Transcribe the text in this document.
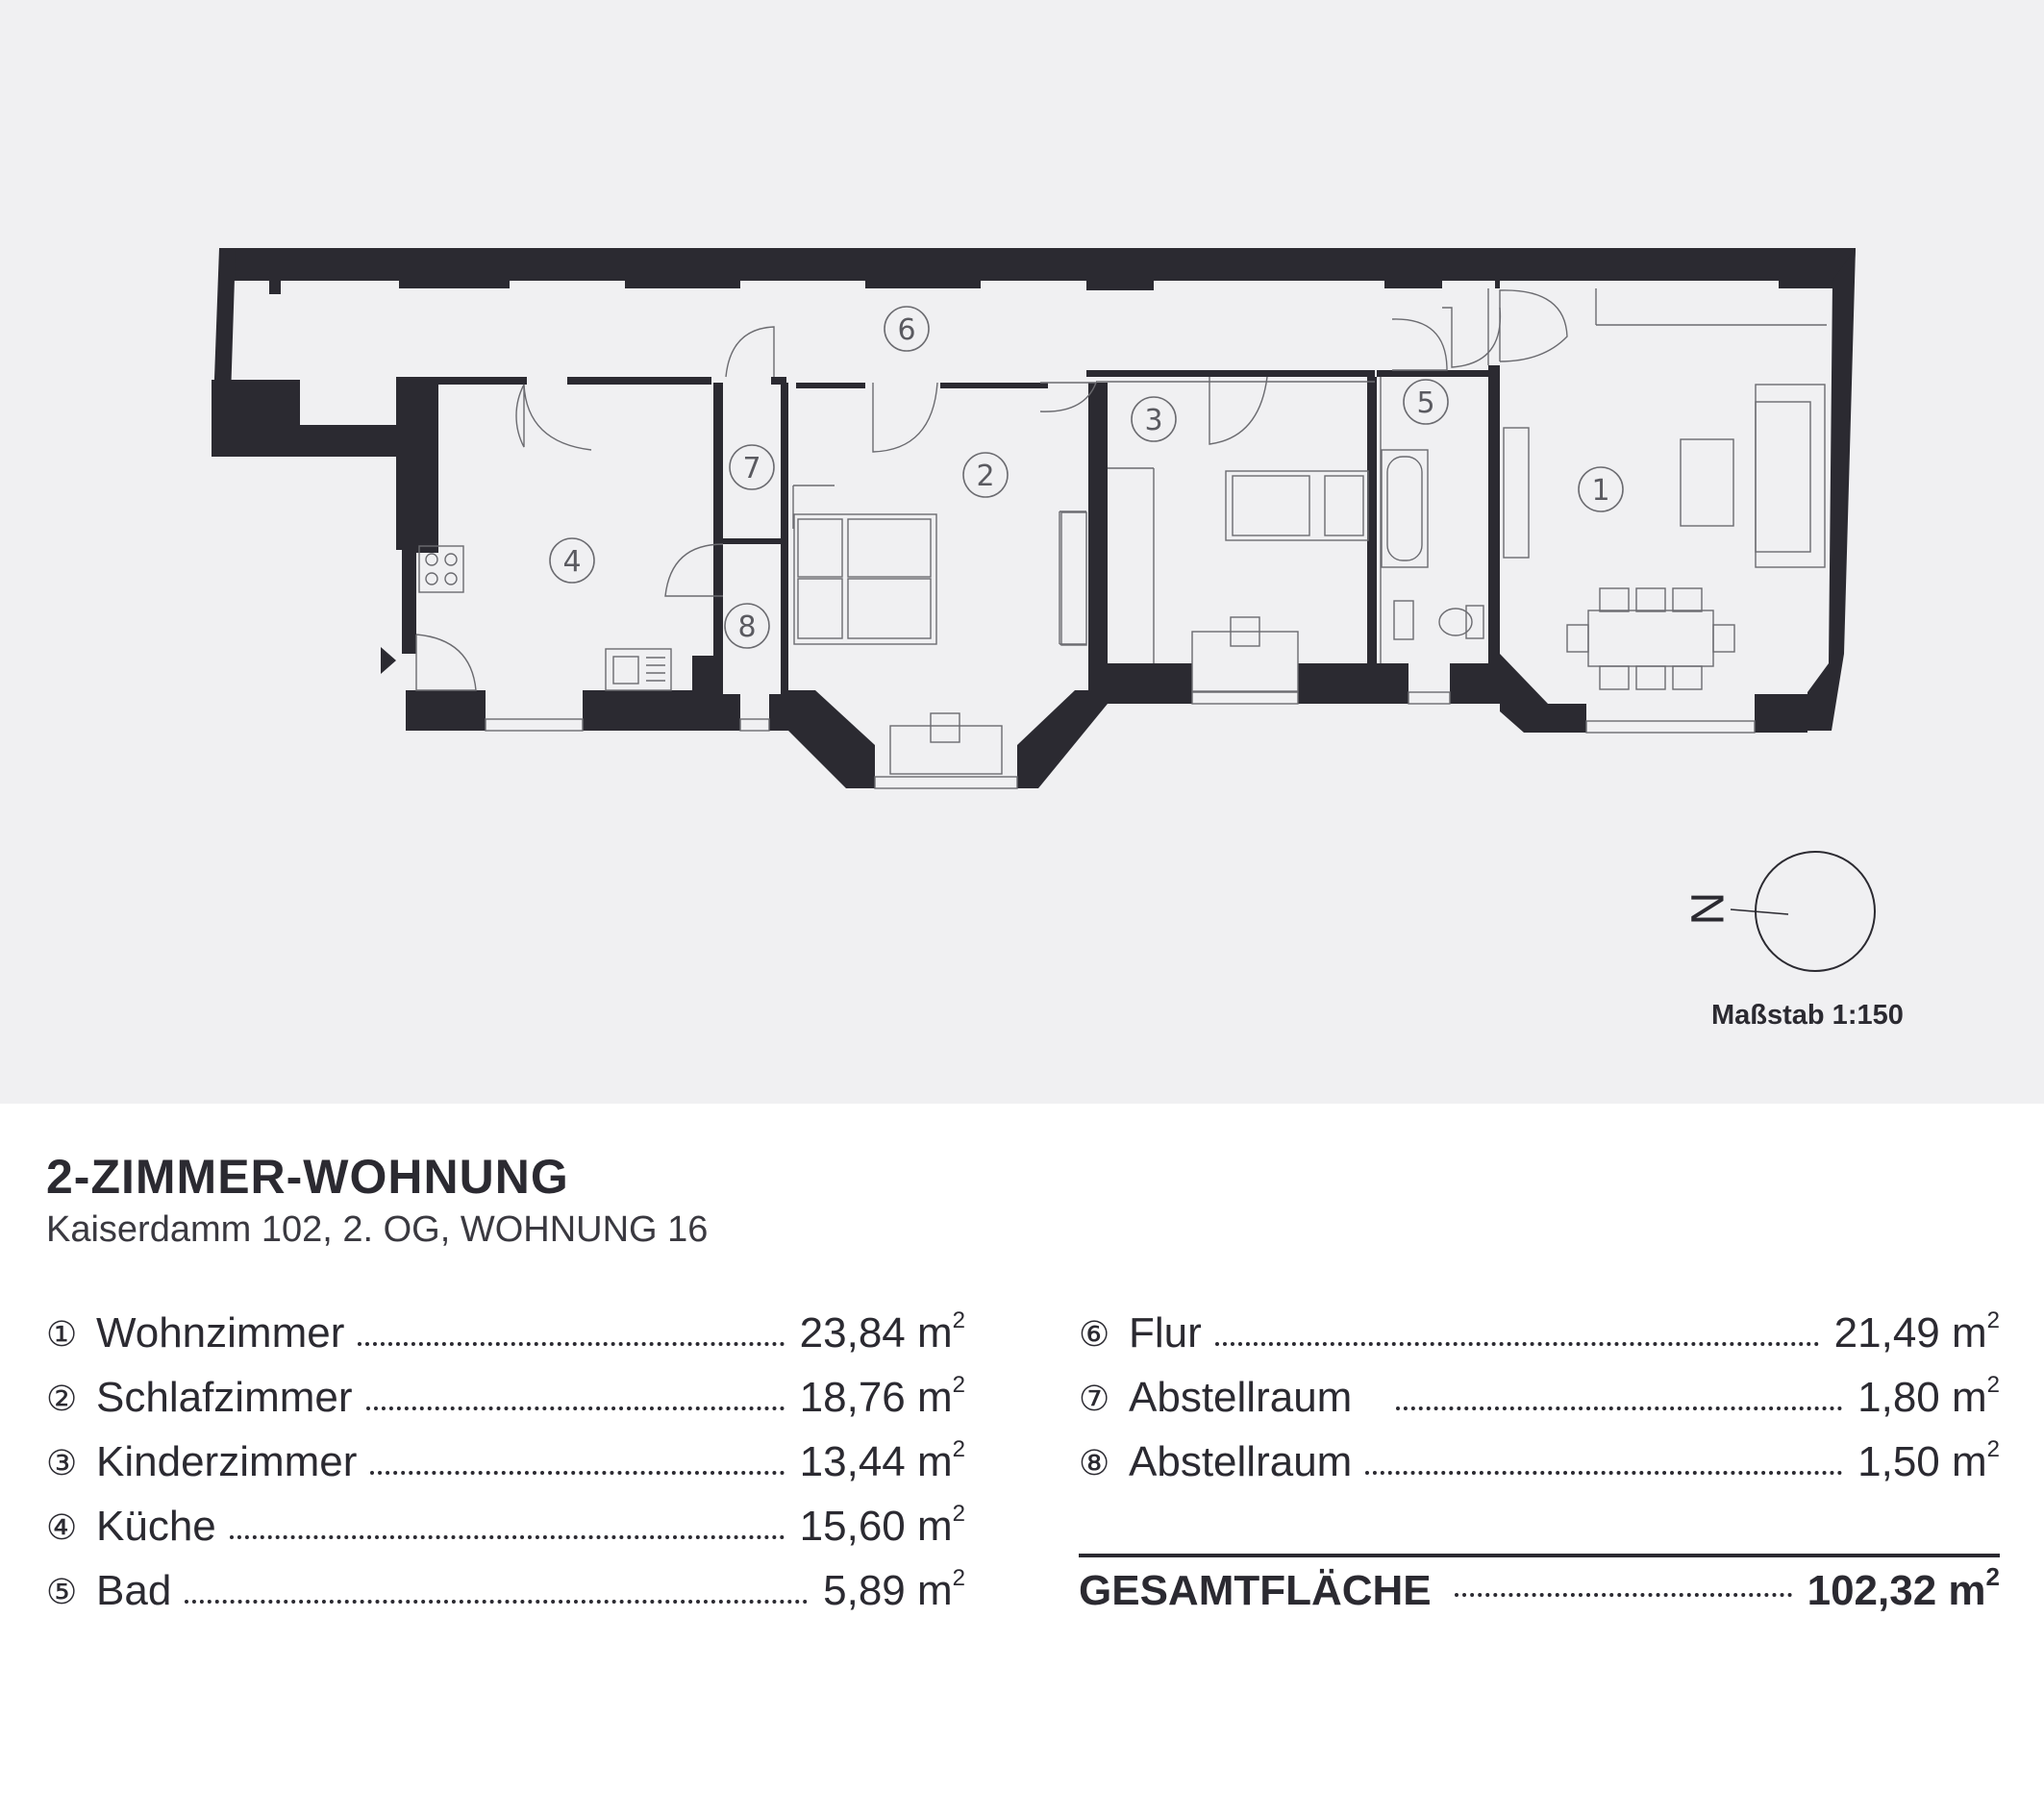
1
2
3
4
5
6
7
8
N
Maßstab 1:150
2-ZIMMER-WOHNUNG
Kaiserdamm 102, 2. OG, WOHNUNG 16
① Wohnzimmer	23,84 $m^2$
② Schlafzimmer	18,76 $m^2$
③ Kinderzimmer	13,44 $m^2$
④ Küche	15,60 $m^2$
⑤ Bad	5,89 $m^2$
⑥ Flur	21,49 $m^2$
⑦ Abstellraum	1,80 $m^2$
⑧ Abstellraum	1,50 $m^2$
GESAMTFLÄCHE	102,32 $m^2$
